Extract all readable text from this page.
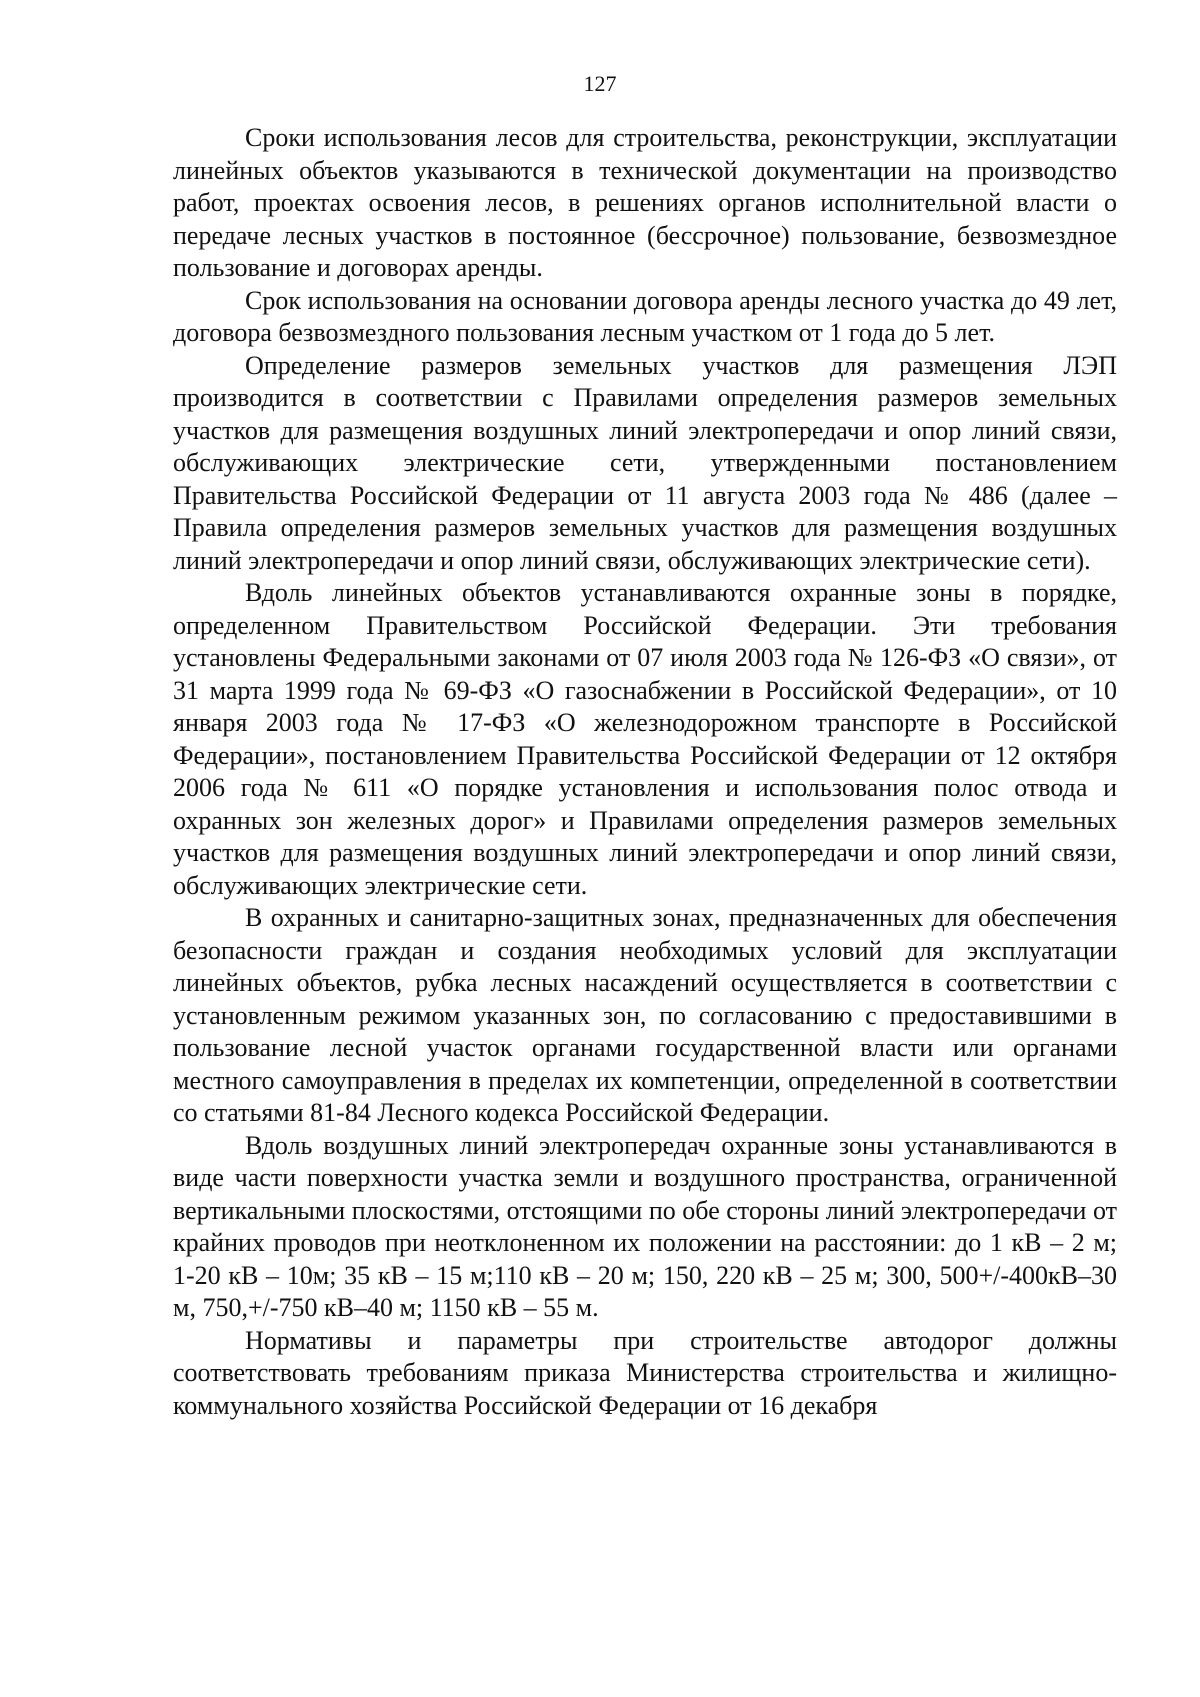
127

Сроки использования лесов для строительства, реконструкции, эксплуатации линейных объектов указываются в технической документации на производство работ, проектах освоения лесов, в решениях органов исполнительной власти о передаче лесных участков в постоянное (бессрочное) пользование, безвозмездное пользование и договорах аренды.

Срок использования на основании договора аренды лесного участка до 49 лет, договора безвозмездного пользования лесным участком от 1 года до 5 лет.

Определение размеров земельных участков для размещения ЛЭП производится в соответствии с Правилами определения размеров земельных участков для размещения воздушных линий электропередачи и опор линий связи, обслуживающих электрические сети, утвержденными постановлением Правительства Российской Федерации от 11 августа 2003 года № 486 (далее – Правила определения размеров земельных участков для размещения воздушных линий электропередачи и опор линий связи, обслуживающих электрические сети).

Вдоль линейных объектов устанавливаются охранные зоны в порядке, определенном Правительством Российской Федерации. Эти требования установлены Федеральными законами от 07 июля 2003 года № 126-ФЗ «О связи», от 31 марта 1999 года № 69-ФЗ «О газоснабжении в Российской Федерации», от 10 января 2003 года № 17-ФЗ «О железнодорожном транспорте в Российской Федерации», постановлением Правительства Российской Федерации от 12 октября 2006 года № 611 «О порядке установления и использования полос отвода и охранных зон железных дорог» и Правилами определения размеров земельных участков для размещения воздушных линий электропередачи и опор линий связи, обслуживающих электрические сети.

В охранных и санитарно-защитных зонах, предназначенных для обеспечения безопасности граждан и создания необходимых условий для эксплуатации линейных объектов, рубка лесных насаждений осуществляется в соответствии с установленным режимом указанных зон, по согласованию с предоставившими в пользование лесной участок органами государственной власти или органами местного самоуправления в пределах их компетенции, определенной в соответствии со статьями 81-84 Лесного кодекса Российской Федерации.

Вдоль воздушных линий электропередач охранные зоны устанавливаются в виде части поверхности участка земли и воздушного пространства, ограниченной вертикальными плоскостями, отстоящими по обе стороны линий электропередачи от крайних проводов при неотклоненном их положении на расстоянии: до 1 кВ – 2 м; 1-20 кВ – 10м; 35 кВ – 15 м;110 кВ – 20 м; 150, 220 кВ – 25 м; 300, 500+/-400кВ–30 м, 750,+/-750 кВ–40 м; 1150 кВ – 55 м.

Нормативы и параметры при строительстве автодорог должны соответствовать требованиям приказа Министерства строительства и жилищно-коммунального хозяйства Российской Федерации от 16 декабря
